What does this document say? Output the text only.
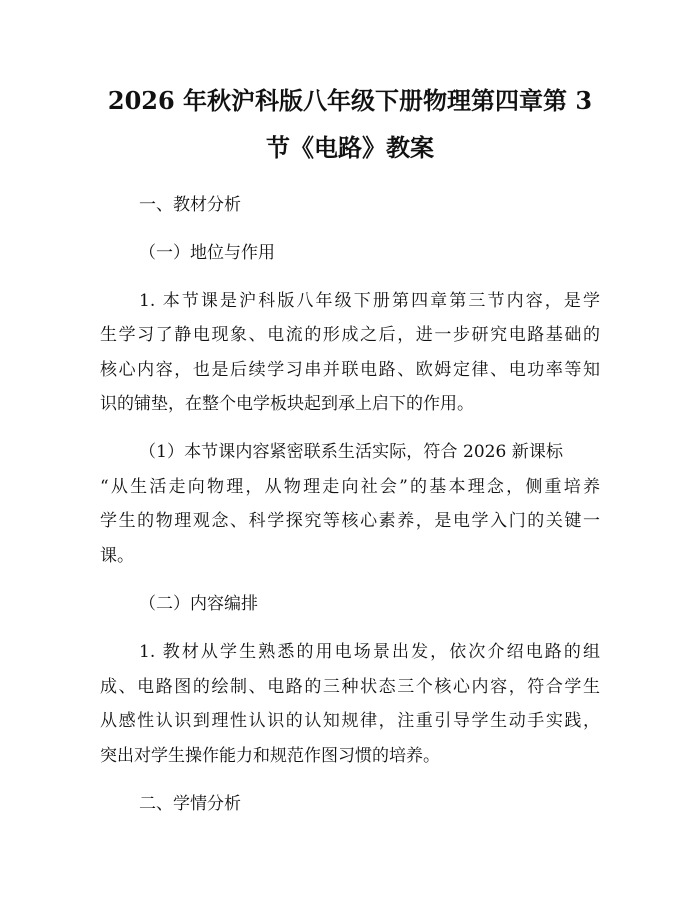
2026 年秋沪科版八年级下册物理第四章第 3
节《电路》教案
一、教材分析
（一）地位与作用
1. 本节课是沪科版八年级下册第四章第三节内容，是学
生学习了静电现象、电流的形成之后，进一步研究电路基础的
核心内容，也是后续学习串并联电路、欧姆定律、电功率等知
识的铺垫，在整个电学板块起到承上启下的作用。
（1）本节课内容紧密联系生活实际，符合 2026 新课标
“从生活走向物理，从物理走向社会”的基本理念，侧重培养
学生的物理观念、科学探究等核心素养，是电学入门的关键一
课。
（二）内容编排
1. 教材从学生熟悉的用电场景出发，依次介绍电路的组
成、电路图的绘制、电路的三种状态三个核心内容，符合学生
从感性认识到理性认识的认知规律，注重引导学生动手实践，
突出对学生操作能力和规范作图习惯的培养。
二、学情分析
